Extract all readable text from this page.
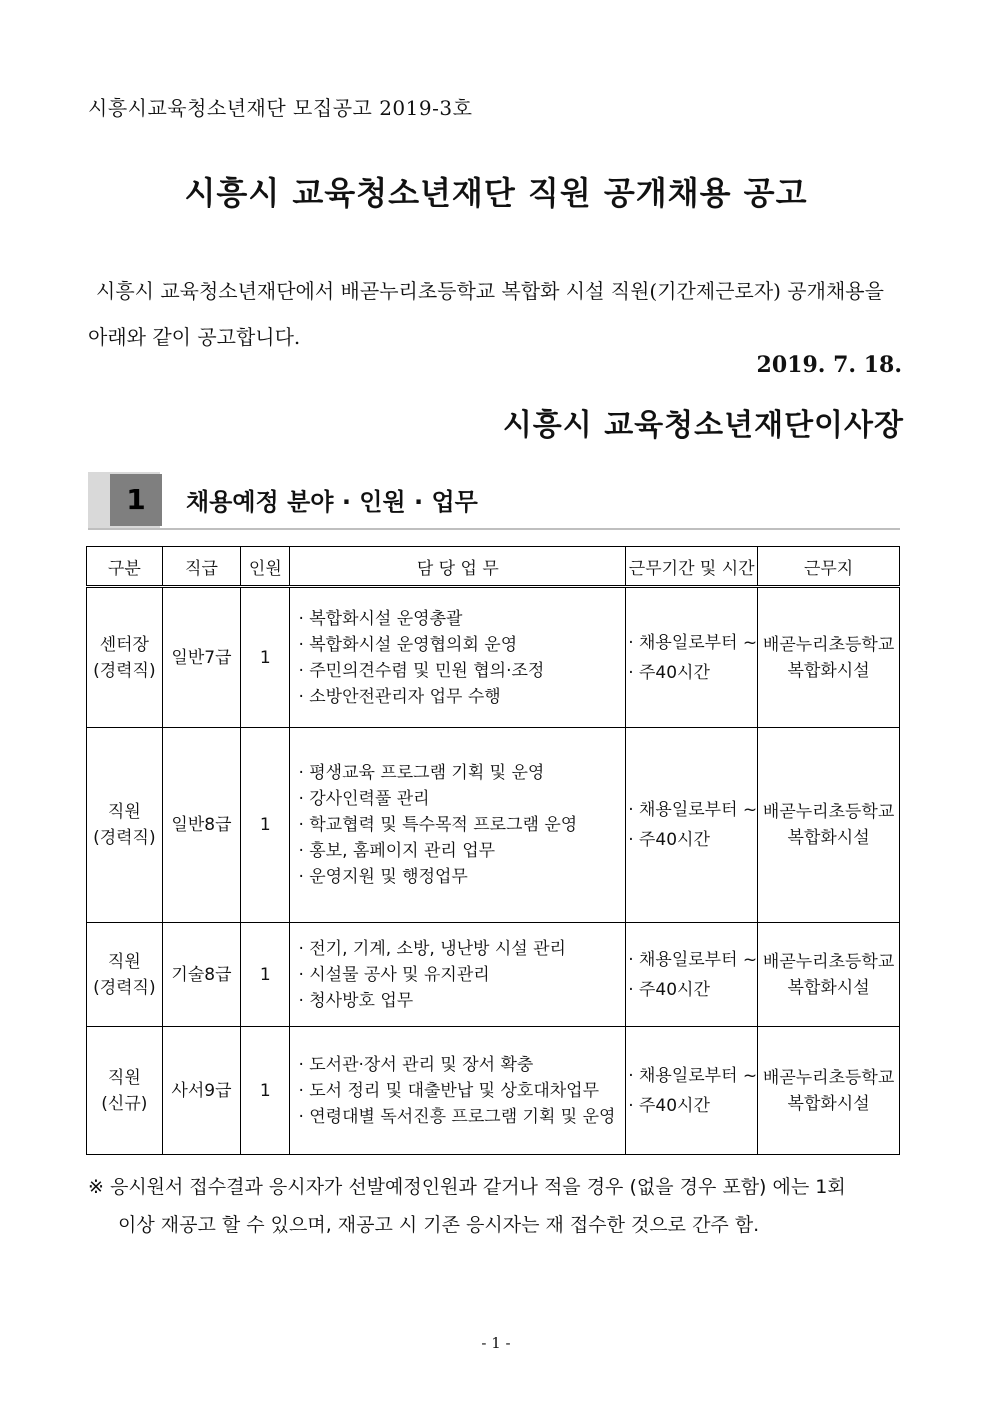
시흥시교육청소년재단 모집공고 2019-3호
시흥시 교육청소년재단 직원 공개채용 공고
시흥시 교육청소년재단에서 배곧누리초등학교 복합화 시설 직원(기간제근로자) 공개채용을 아래와 같이 공고합니다.
2019. 7. 18.
시흥시 교육청소년재단이사장
1	채용예정 분야 · 인원 · 업무
구분	직급	인원	담 당 업 무	근무기간 및 시간	근무지

센터장
(경력직)	일반7급	1	· 복합화시설 운영총괄
· 복합화시설 운영협의회 운영
· 주민의견수렴 및 민원 협의·조정
· 소방안전관리자 업무 수행	· 채용일로부터 ~
· 주40시간	배곧누리초등학교
복합화시설

직원
(경력직)	일반8급	1	· 평생교육 프로그램 기획 및 운영
· 강사인력풀 관리
· 학교협력 및 특수목적 프로그램 운영
· 홍보, 홈페이지 관리 업무
· 운영지원 및 행정업무	· 채용일로부터 ~
· 주40시간	배곧누리초등학교
복합화시설

직원
(경력직)	기술8급	1	· 전기, 기계, 소방, 냉난방 시설 관리
· 시설물 공사 및 유지관리
· 청사방호 업무	· 채용일로부터 ~
· 주40시간	배곧누리초등학교
복합화시설

직원
(신규)	사서9급	1	· 도서관·장서 관리 및 장서 확충
· 도서 정리 및 대출반납 및 상호대차업무
· 연령대별 독서진흥 프로그램 기획 및 운영	· 채용일로부터 ~
· 주40시간	배곧누리초등학교
복합화시설
※ 응시원서 접수결과 응시자가 선발예정인원과 같거나 적을 경우 (없을 경우 포함) 에는 1회
이상 재공고 할 수 있으며, 재공고 시 기존 응시자는 재 접수한 것으로 간주 함.
- 1 -
